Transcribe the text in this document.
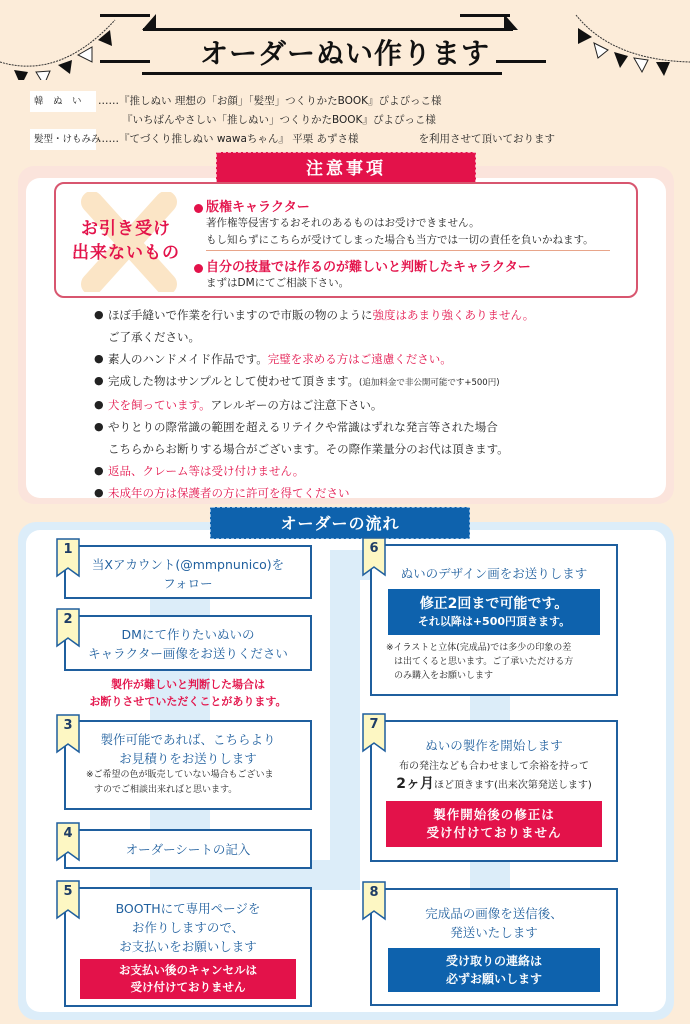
オーダーぬい作ります
韓　ぬ　い	……『推しぬい 理想の「お顔」「髪型」つくりかたBOOK』ぴよぴっこ様
『いちばんやさしい「推しぬい」つくりかたBOOK』ぴよぴっこ様
髪型・けもみみ
……『てづくり推しぬい wawaちゃん』 平栗 あずさ様	を利用させて頂いております
注意事項
お引き受け
出来ないもの
版権キャラクター
著作権等侵害するおそれのあるものはお受けできません。
もし知らずにこちらが受けてしまった場合も当方では一切の責任を負いかねます。
自分の技量では作るのが難しいと判断したキャラクター
まずはDMにてご相談下さい。
● ほぼ手縫いで作業を行いますので市販の物のように強度はあまり強くありません。
ご了承ください。
● 素人のハンドメイド作品です。完璧を求める方はご遠慮ください。
● 完成した物はサンプルとして使わせて頂きます。(追加料金で非公開可能です+500円)
● 犬を飼っています。アレルギーの方はご注意下さい。
● やりとりの際常識の範囲を超えるリテイクや常識はずれな発言等された場合
こちらからお断りする場合がございます。その際作業量分のお代は頂きます。
● 返品、クレーム等は受け付けません。
● 未成年の方は保護者の方に許可を得てください
オーダーの流れ
当Xアカウント(@mmpnunico)を
フォロー
DMにて作りたいぬいの
キャラクター画像をお送りください
製作が難しいと判断した場合は
お断りさせていただくことがあります。
製作可能であれば、こちらより
お見積りをお送りします
※ご希望の色が販売していない場合もございま
すのでご相談出来ればと思います。
オーダーシートの記入
BOOTHにて専用ページを
お作りしますので、
お支払いをお願いします
お支払い後のキャンセルは
受け付けておりません
ぬいのデザイン画をお送りします
修正2回まで可能です。
それ以降は+500円頂きます。
※イラストと立体(完成品)では多少の印象の差
は出てくると思います。ご了承いただける方
のみ購入をお願いします
ぬいの製作を開始します
布の発注なども合わせまして余裕を持って
2ヶ月ほど頂きます(出来次第発送します)
製作開始後の修正は
受け付けておりません
完成品の画像を送信後、
発送いたします
受け取りの連絡は
必ずお願いします
1
2
3
4
5
6
7
8
